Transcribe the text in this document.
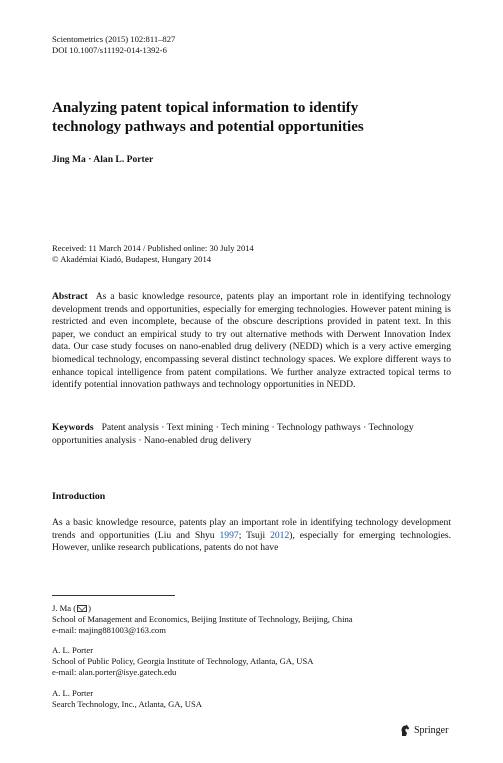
Scientometrics (2015) 102:811–827
DOI 10.1007/s11192-014-1392-6
Analyzing patent topical information to identify
technology pathways and potential opportunities
Jing Ma · Alan L. Porter
Received: 11 March 2014 / Published online: 30 July 2014
© Akadémiai Kiadó, Budapest, Hungary 2014
Abstract As a basic knowledge resource, patents play an important role in identifying technology development trends and opportunities, especially for emerging technologies. However patent mining is restricted and even incomplete, because of the obscure descriptions provided in patent text. In this paper, we conduct an empirical study to try out alternative methods with Derwent Innovation Index data. Our case study focuses on nano-enabled drug delivery (NEDD) which is a very active emerging biomedical technology, encompassing several distinct technology spaces. We explore different ways to enhance topical intelligence from patent compilations. We further analyze extracted topical terms to identify potential innovation pathways and technology opportunities in NEDD.
Keywords Patent analysis · Text mining · Tech mining · Technology pathways · Technology opportunities analysis · Nano-enabled drug delivery
Introduction
As a basic knowledge resource, patents play an important role in identifying technology development trends and opportunities (Liu and Shyu 1997; Tsuji 2012), especially for emerging technologies. However, unlike research publications, patents do not have
J. Ma ( )
School of Management and Economics, Beijing Institute of Technology, Beijing, China
e-mail: majing881003@163.com
A. L. Porter
School of Public Policy, Georgia Institute of Technology, Atlanta, GA, USA
e-mail: alan.porter@isye.gatech.edu
A. L. Porter
Search Technology, Inc., Atlanta, GA, USA
Springer
